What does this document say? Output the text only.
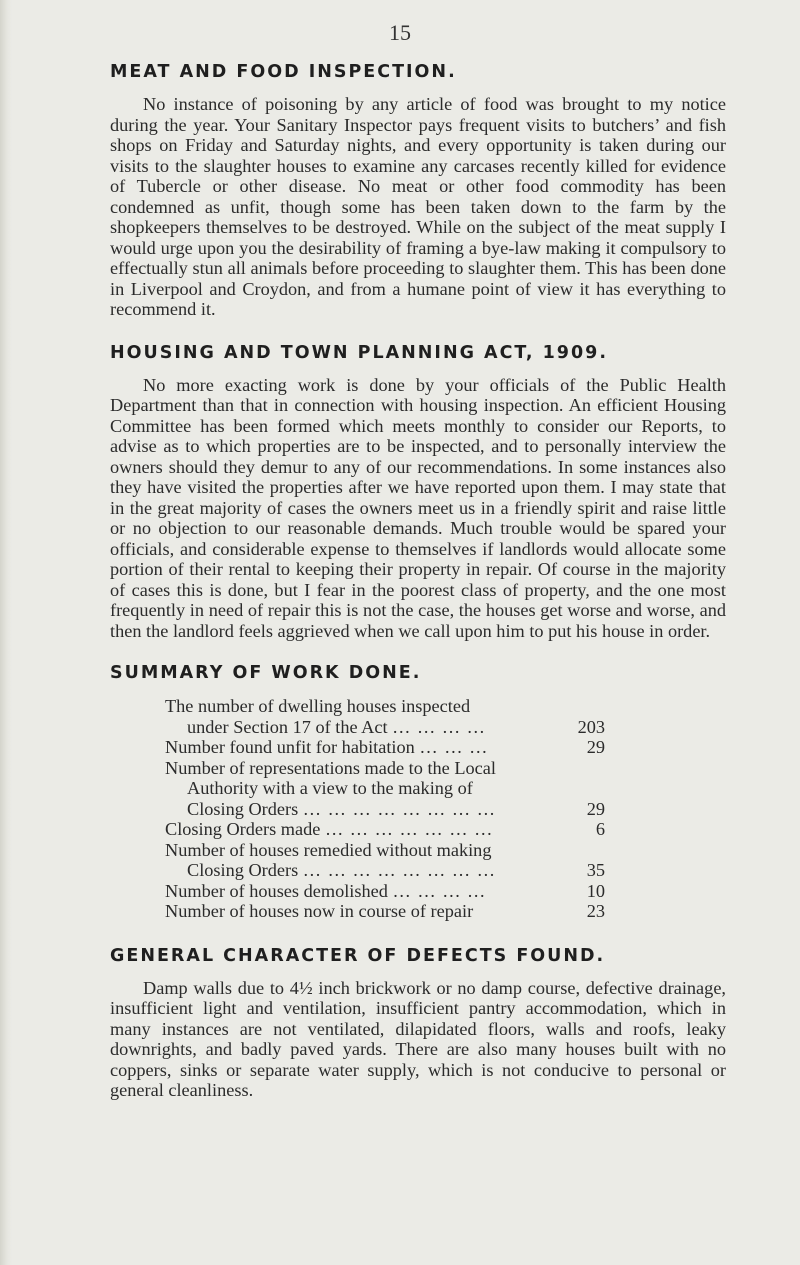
15
MEAT AND FOOD INSPECTION.

No instance of poisoning by any article of food was brought to my notice during the year. Your Sanitary Inspector pays frequent visits to butchers’ and fish shops on Friday and Saturday nights, and every opportunity is taken during our visits to the slaughter houses to examine any carcases recently killed for evidence of Tubercle or other disease. No meat or other food commodity has been condemned as unfit, though some has been taken down to the farm by the shopkeepers themselves to be destroyed. While on the subject of the meat supply I would urge upon you the desirability of framing a bye-law making it compulsory to effectually stun all animals before proceeding to slaughter them. This has been done in Liverpool and Croydon, and from a humane point of view it has everything to recommend it.

HOUSING AND TOWN PLANNING ACT, 1909.

No more exacting work is done by your officials of the Public Health Department than that in connection with housing inspection. An efficient Housing Committee has been formed which meets monthly to consider our Reports, to advise as to which properties are to be inspected, and to personally interview the owners should they demur to any of our recommendations. In some instances also they have visited the properties after we have reported upon them. I may state that in the great majority of cases the owners meet us in a friendly spirit and raise little or no objection to our reasonable demands. Much trouble would be spared your officials, and considerable expense to themselves if landlords would allocate some portion of their rental to keeping their property in repair. Of course in the majority of cases this is done, but I fear in the poorest class of property, and the one most frequently in need of repair this is not the case, the houses get worse and worse, and then the landlord feels aggrieved when we call upon him to put his house in order.

SUMMARY OF WORK DONE.
The number of dwelling houses inspected
under Section 17 of the Act … … … …	203
Number found unfit for habitation … … …	29
Number of representations made to the Local
Authority with a view to the making of
Closing Orders … … … … … … … …	29
Closing Orders made … … … … … … …	6
Number of houses remedied without making
Closing Orders … … … … … … … …	35
Number of houses demolished … … … …	10
Number of houses now in course of repair	23
GENERAL CHARACTER OF DEFECTS FOUND.

Damp walls due to 4½ inch brickwork or no damp course, defective drainage, insufficient light and ventilation, insufficient pantry accommodation, which in many instances are not ventilated, dilapidated floors, walls and roofs, leaky downrights, and badly paved yards. There are also many houses built with no coppers, sinks or separate water supply, which is not conducive to personal or general cleanliness.
